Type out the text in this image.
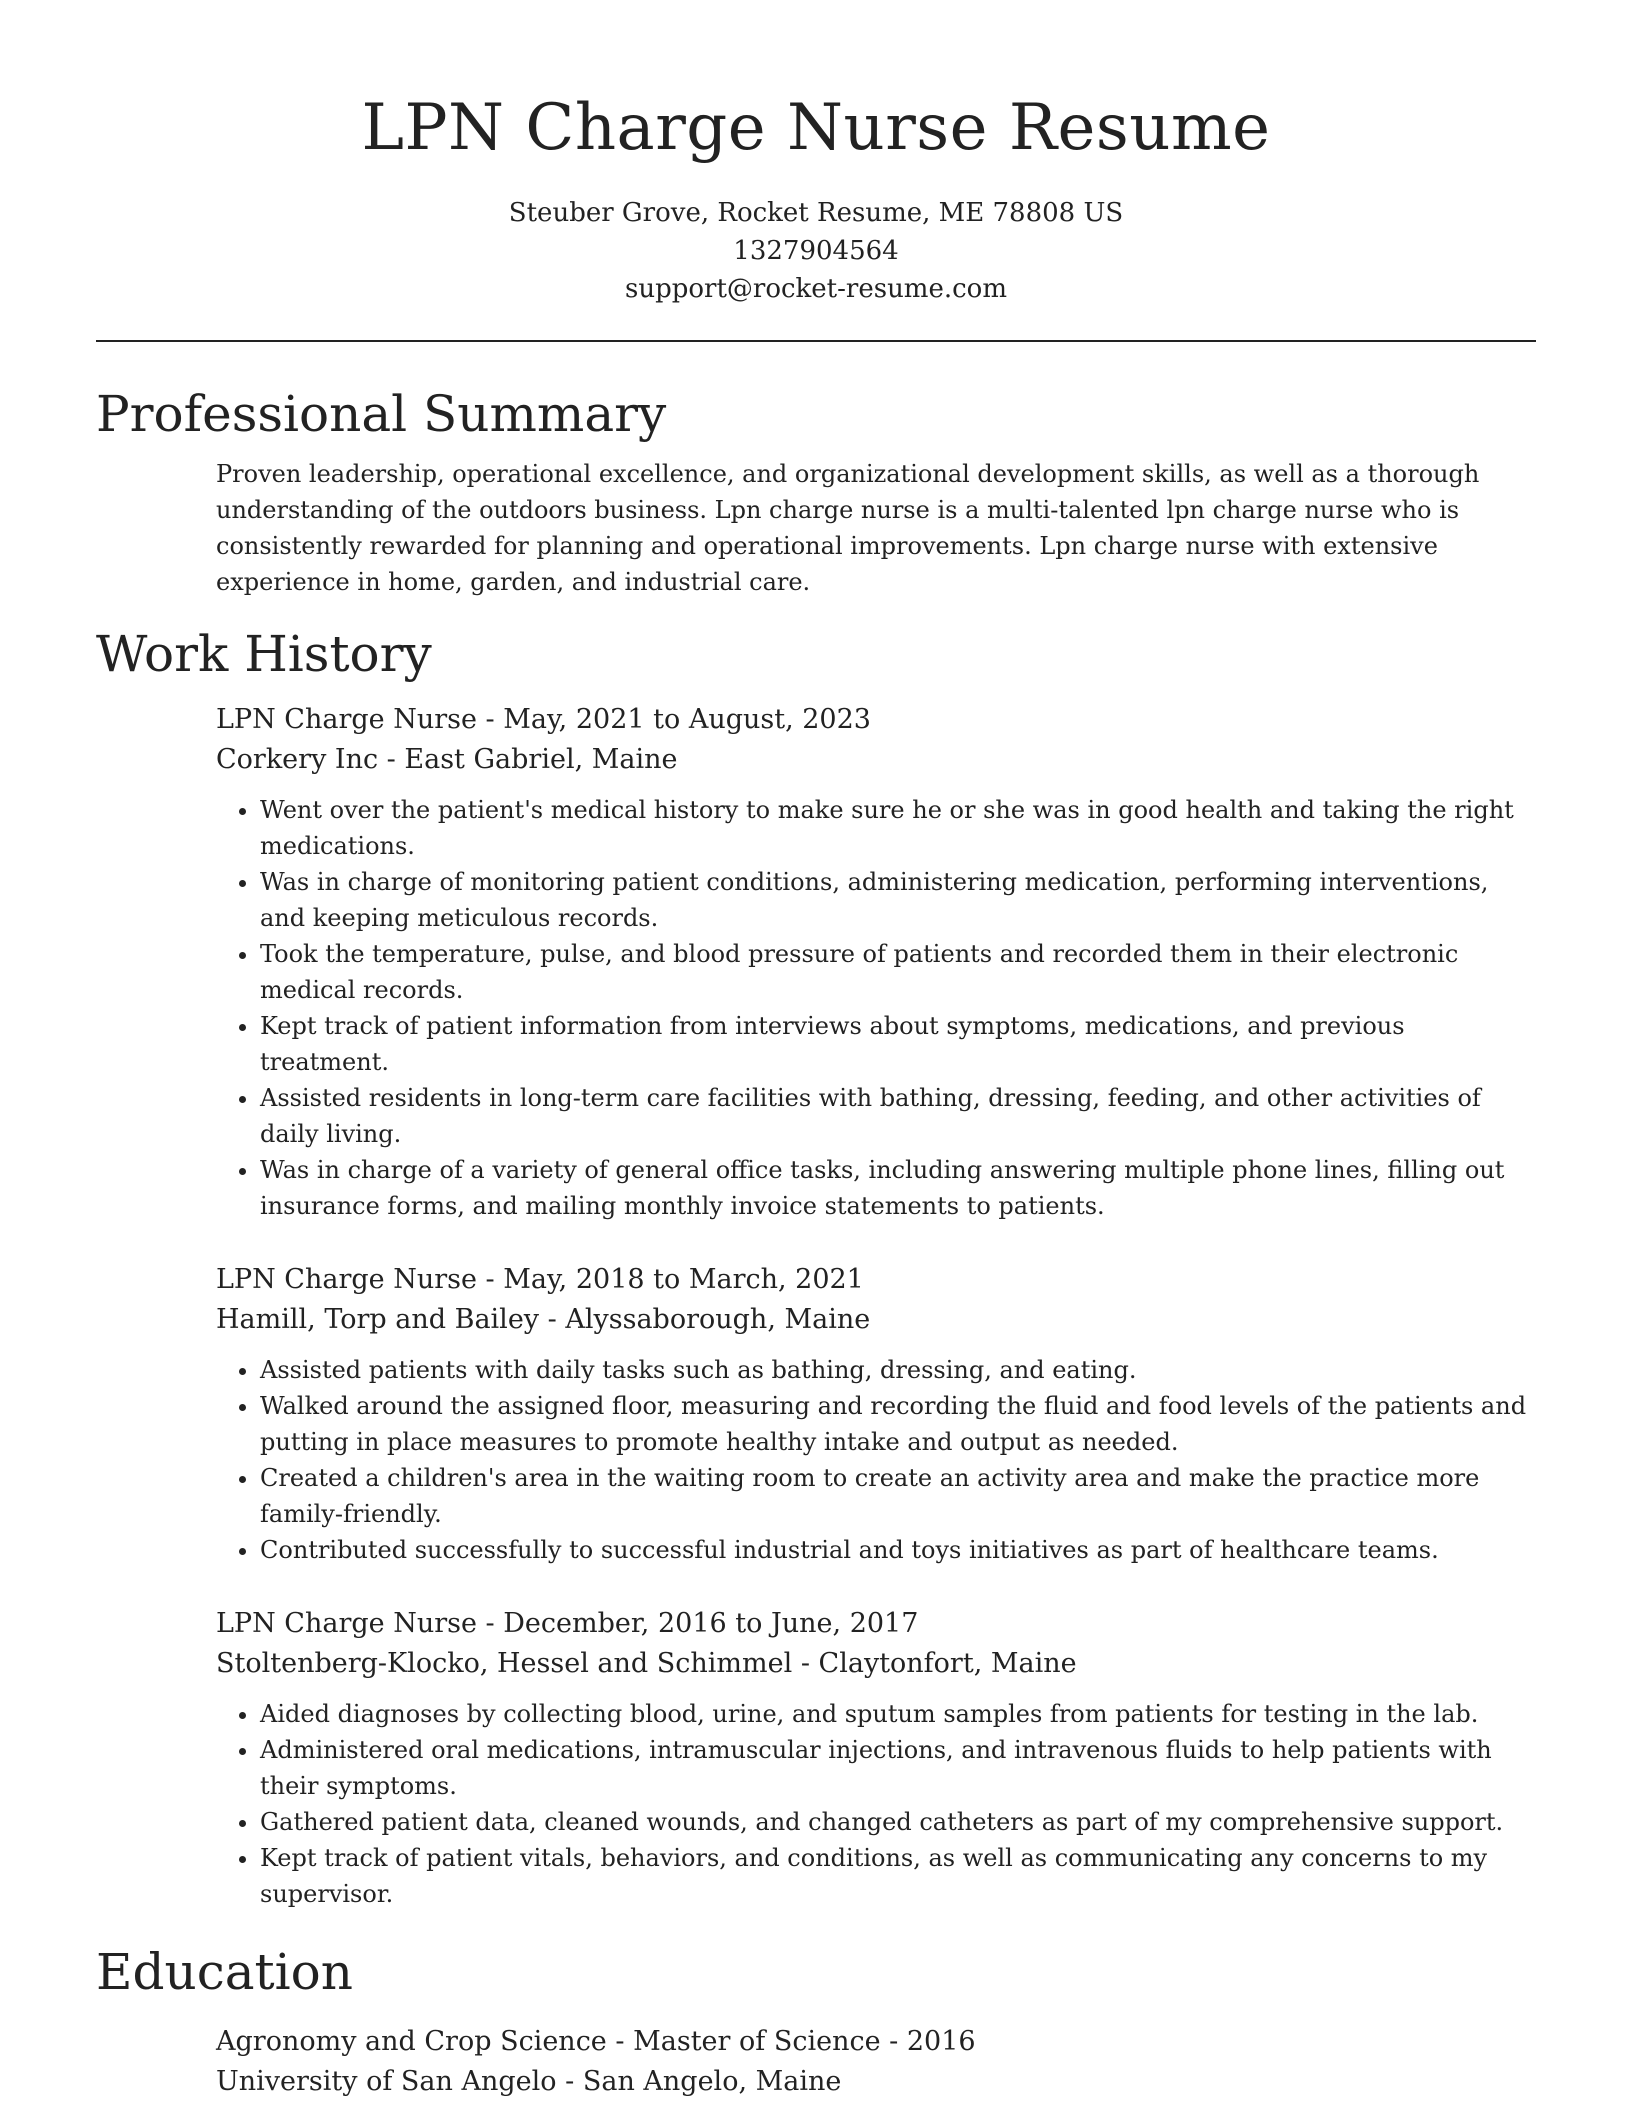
LPN Charge Nurse Resume
Steuber Grove, Rocket Resume, ME 78808 US
1327904564
support@rocket-resume.com
Professional Summary
Proven leadership, operational excellence, and organizational development skills, as well as a thorough understanding of the outdoors business. Lpn charge nurse is a multi-talented lpn charge nurse who is consistently rewarded for planning and operational improvements. Lpn charge nurse with extensive experience in home, garden, and industrial care.
Work History
LPN Charge Nurse - May, 2021 to August, 2023
Corkery Inc - East Gabriel, Maine
• Went over the patient's medical history to make sure he or she was in good health and taking the right medications.
• Was in charge of monitoring patient conditions, administering medication, performing interventions, and keeping meticulous records.
• Took the temperature, pulse, and blood pressure of patients and recorded them in their electronic medical records.
• Kept track of patient information from interviews about symptoms, medications, and previous treatment.
• Assisted residents in long-term care facilities with bathing, dressing, feeding, and other activities of daily living.
• Was in charge of a variety of general office tasks, including answering multiple phone lines, filling out insurance forms, and mailing monthly invoice statements to patients.
LPN Charge Nurse - May, 2018 to March, 2021
Hamill, Torp and Bailey - Alyssaborough, Maine
• Assisted patients with daily tasks such as bathing, dressing, and eating.
• Walked around the assigned floor, measuring and recording the fluid and food levels of the patients and putting in place measures to promote healthy intake and output as needed.
• Created a children's area in the waiting room to create an activity area and make the practice more family-friendly.
• Contributed successfully to successful industrial and toys initiatives as part of healthcare teams.
LPN Charge Nurse - December, 2016 to June, 2017
Stoltenberg-Klocko, Hessel and Schimmel - Claytonfort, Maine
• Aided diagnoses by collecting blood, urine, and sputum samples from patients for testing in the lab.
• Administered oral medications, intramuscular injections, and intravenous fluids to help patients with their symptoms.
• Gathered patient data, cleaned wounds, and changed catheters as part of my comprehensive support.
• Kept track of patient vitals, behaviors, and conditions, as well as communicating any concerns to my supervisor.
Education
Agronomy and Crop Science - Master of Science - 2016
University of San Angelo - San Angelo, Maine
